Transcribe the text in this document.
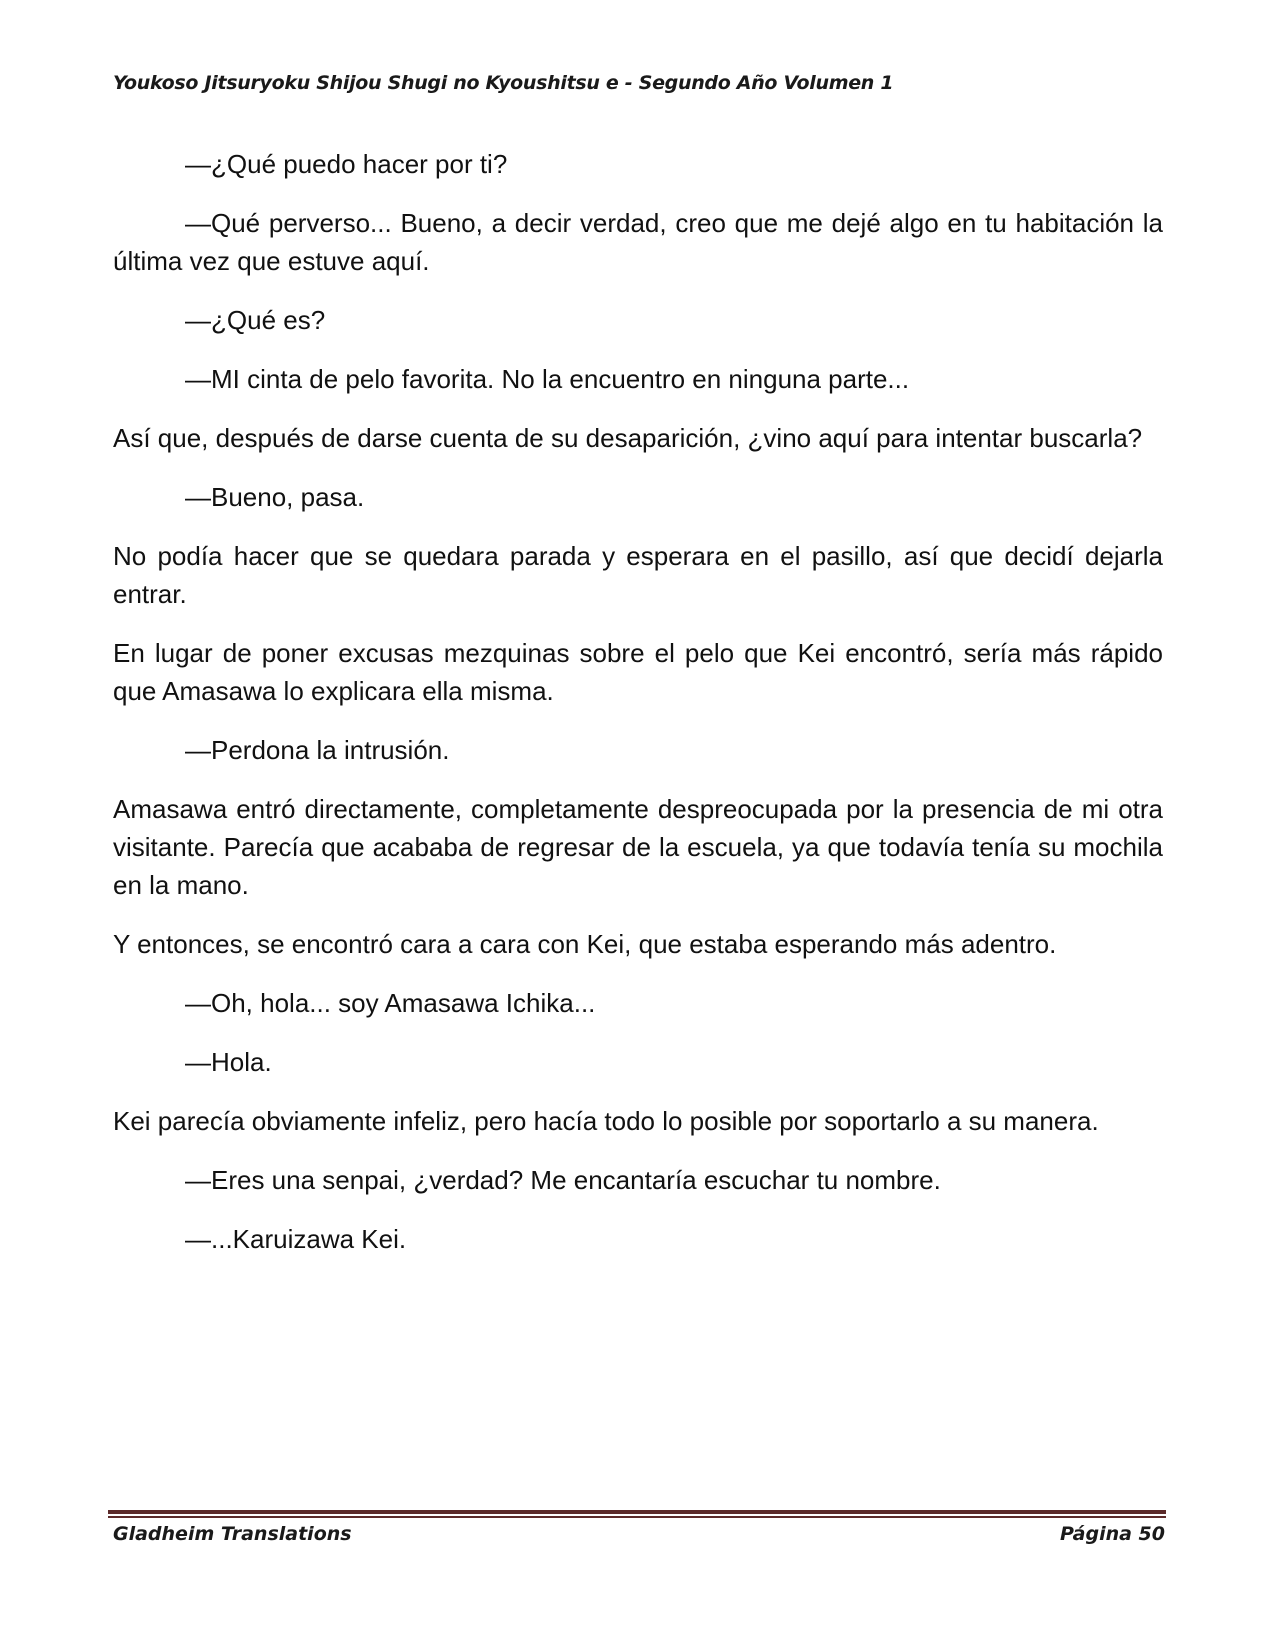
Youkoso Jitsuryoku Shijou Shugi no Kyoushitsu e - Segundo Año Volumen 1

—¿Qué puedo hacer por ti?

—Qué perverso... Bueno, a decir verdad, creo que me dejé algo en tu habitación la última vez que estuve aquí.

—¿Qué es?

—MI cinta de pelo favorita. No la encuentro en ninguna parte...

Así que, después de darse cuenta de su desaparición, ¿vino aquí para intentar buscarla?

—Bueno, pasa.

No podía hacer que se quedara parada y esperara en el pasillo, así que decidí dejarla entrar.

En lugar de poner excusas mezquinas sobre el pelo que Kei encontró, sería más rápido que Amasawa lo explicara ella misma.

—Perdona la intrusión.

Amasawa entró directamente, completamente despreocupada por la presencia de mi otra visitante. Parecía que acababa de regresar de la escuela, ya que todavía tenía su mochila en la mano.

Y entonces, se encontró cara a cara con Kei, que estaba esperando más adentro.

—Oh, hola... soy Amasawa Ichika...

—Hola.

Kei parecía obviamente infeliz, pero hacía todo lo posible por soportarlo a su manera.

—Eres una senpai, ¿verdad? Me encantaría escuchar tu nombre.

—...Karuizawa Kei.

Gladheim Translations	Página 50
